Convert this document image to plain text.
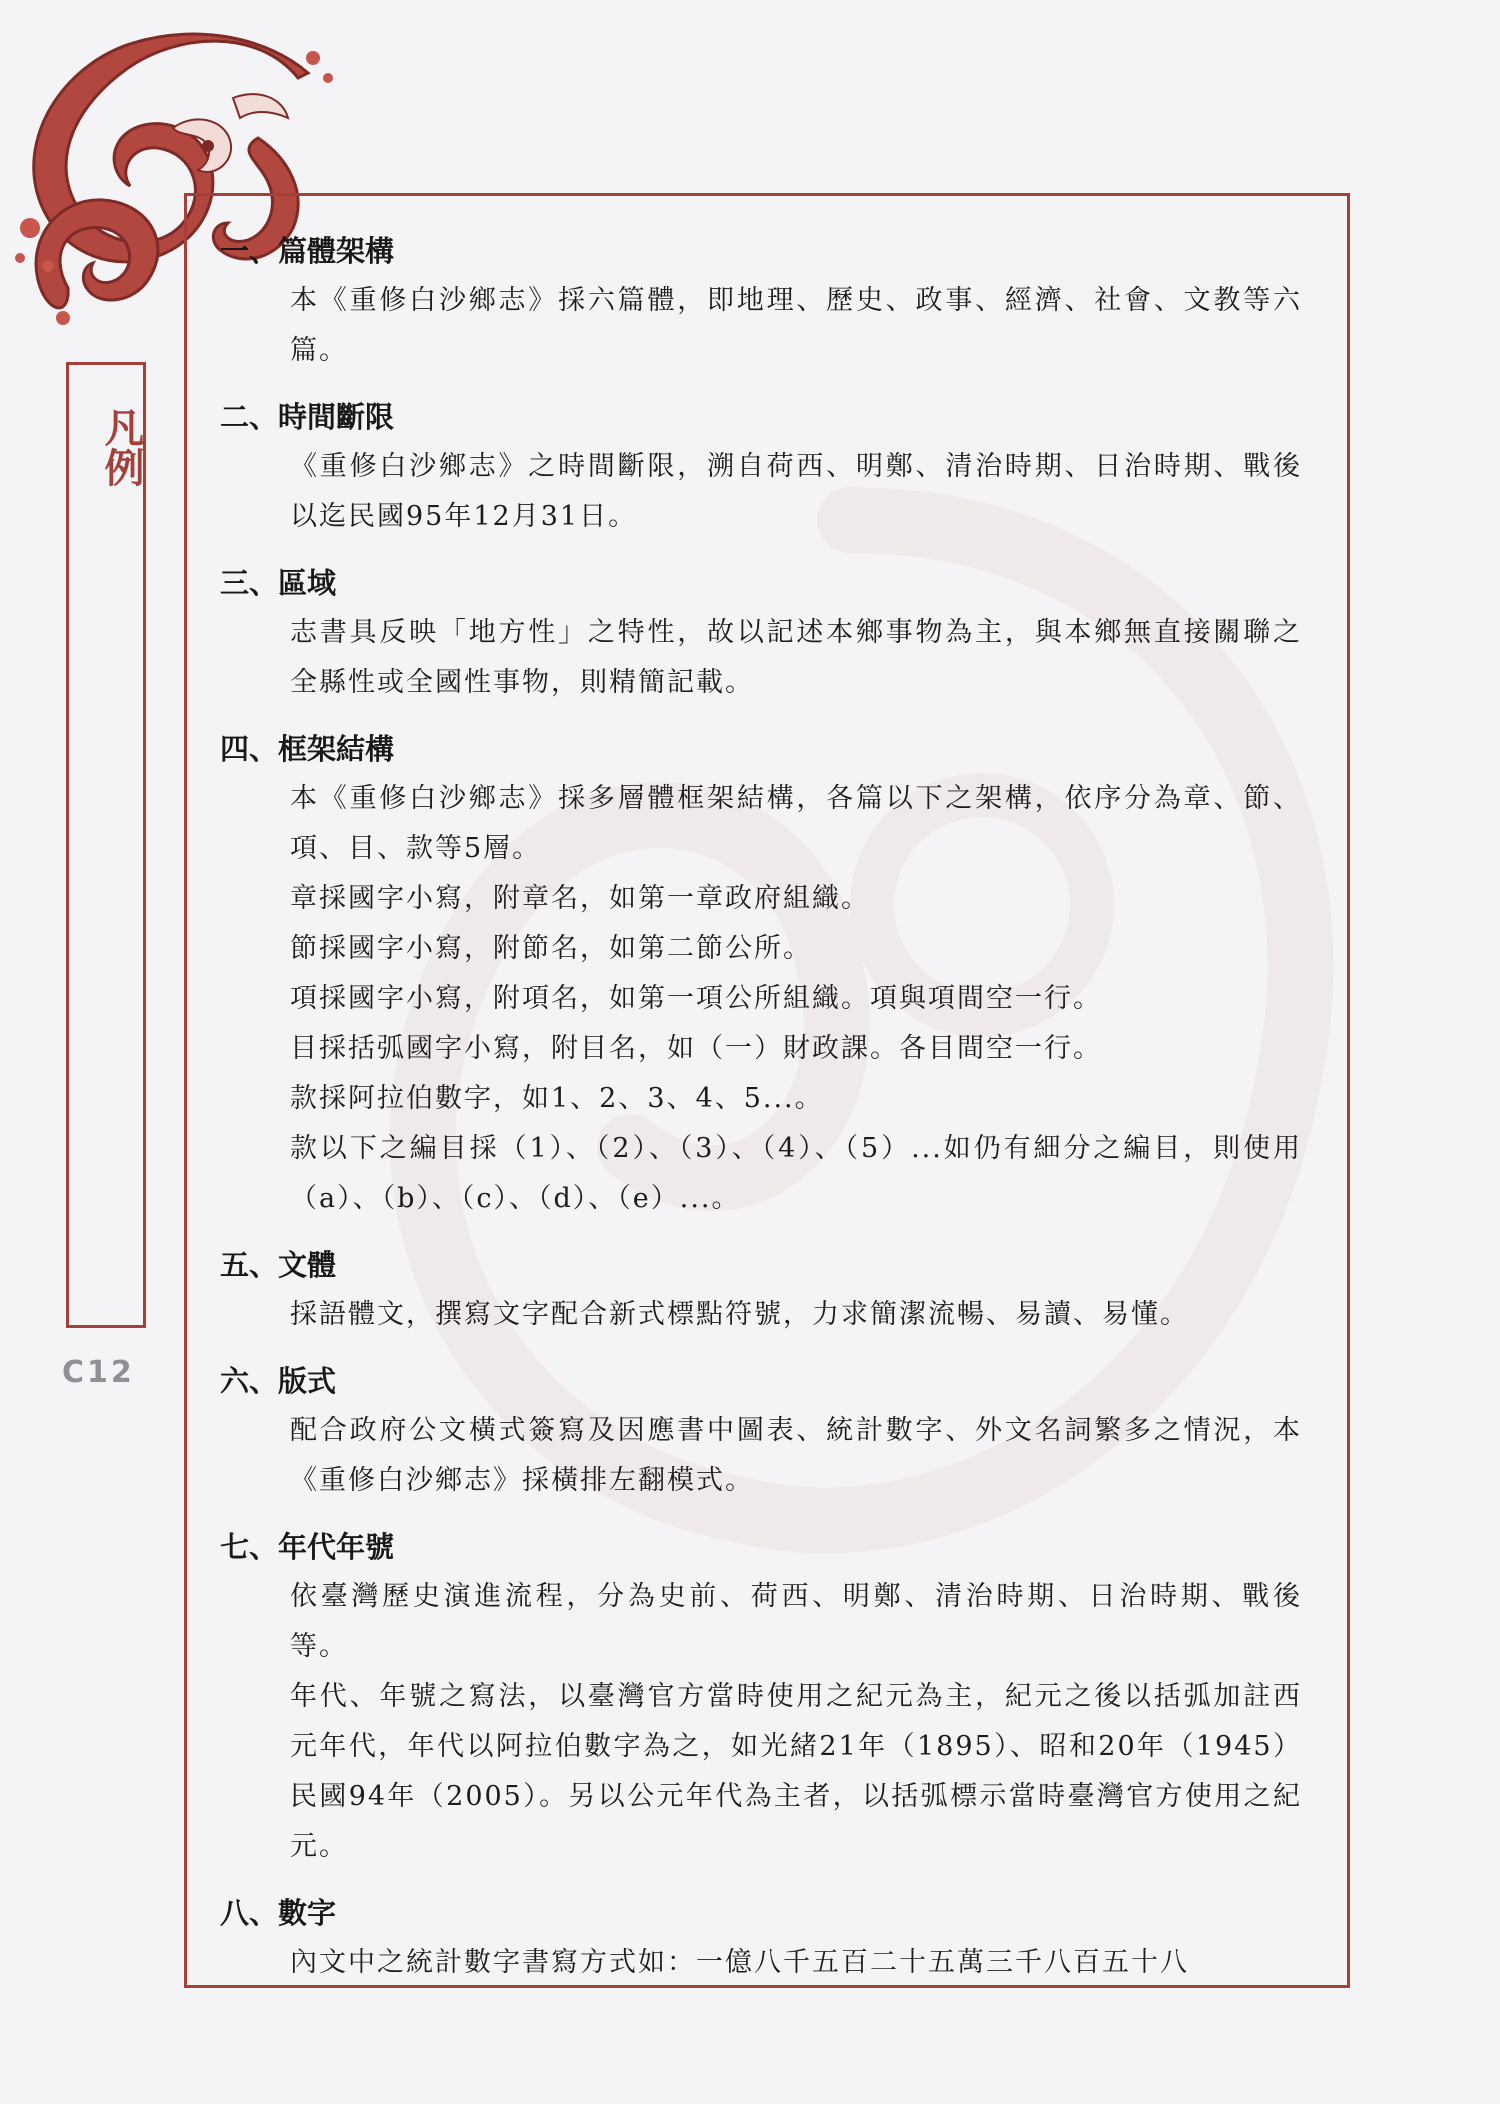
凡例
C12
一、篇體架構
本《重修白沙鄉志》採六篇體，即地理、歷史、政事、經濟、社會、文教等六篇。
二、時間斷限
《重修白沙鄉志》之時間斷限，溯自荷西、明鄭、清治時期、日治時期、戰後以迄民國95年12月31日。
三、區域
志書具反映「地方性」之特性，故以記述本鄉事物為主，與本鄉無直接關聯之全縣性或全國性事物，則精簡記載。
四、框架結構
本《重修白沙鄉志》採多層體框架結構，各篇以下之架構，依序分為章、節、項、目、款等5層。
章採國字小寫，附章名，如第一章政府組織。
節採國字小寫，附節名，如第二節公所。
項採國字小寫，附項名，如第一項公所組織。項與項間空一行。
目採括弧國字小寫，附目名，如（一）財政課。各目間空一行。
款採阿拉伯數字，如1、2、3、4、5...。
款以下之編目採（1）、（2）、（3）、（4）、（5）...如仍有細分之編目，則使用（a）、（b）、（c）、（d）、（e）...。
五、文體
採語體文，撰寫文字配合新式標點符號，力求簡潔流暢、易讀、易懂。
六、版式
配合政府公文橫式簽寫及因應書中圖表、統計數字、外文名詞繁多之情況，本《重修白沙鄉志》採橫排左翻模式。
七、年代年號
依臺灣歷史演進流程，分為史前、荷西、明鄭、清治時期、日治時期、戰後等。
年代、年號之寫法，以臺灣官方當時使用之紀元為主，紀元之後以括弧加註西元年代，年代以阿拉伯數字為之，如光緒21年（1895）、昭和20年（1945）民國94年（2005）。另以公元年代為主者，以括弧標示當時臺灣官方使用之紀元。
八、數字
內文中之統計數字書寫方式如：一億八千五百二十五萬三千八百五十八
